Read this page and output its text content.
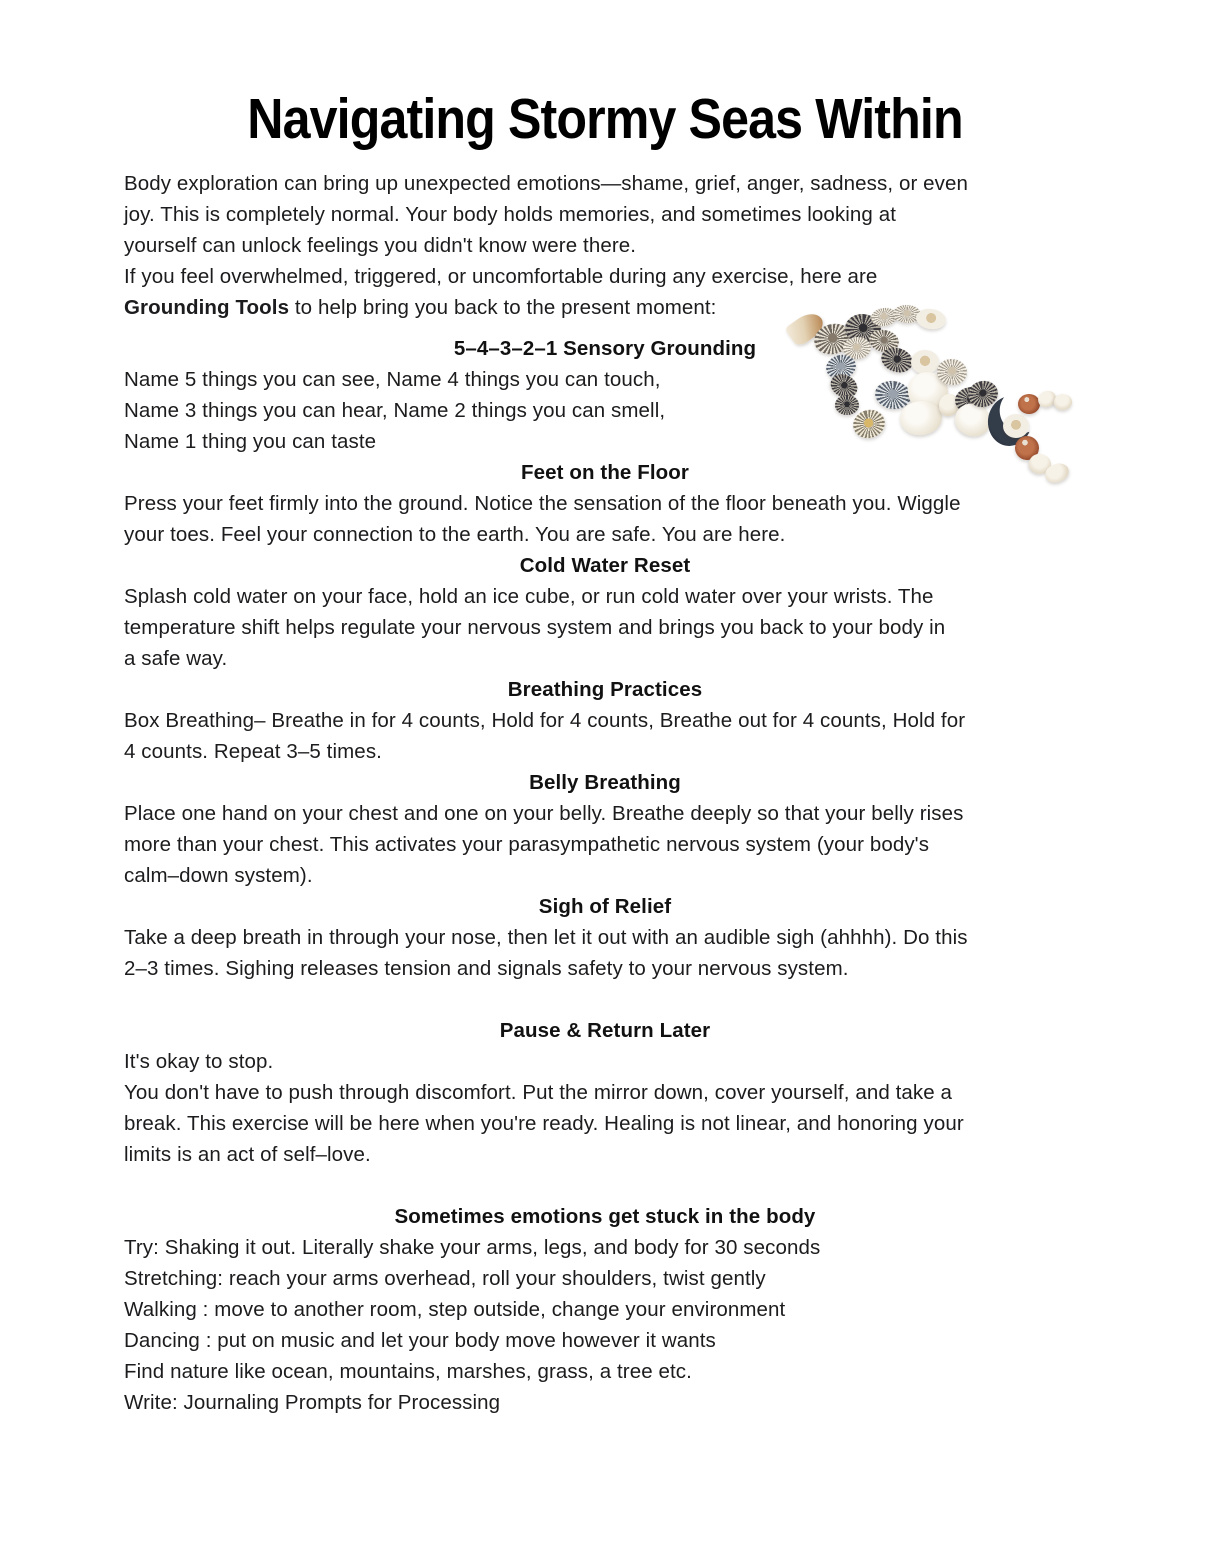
Navigating Stormy Seas Within
Body exploration can bring up unexpected emotions—shame, grief, anger, sadness, or even
joy. This is completely normal. Your body holds memories, and sometimes looking at
yourself can unlock feelings you didn't know were there.
If you feel overwhelmed, triggered, or uncomfortable during any exercise, here are
Grounding Tools to help bring you back to the present moment:
5–4–3–2–1 Sensory Grounding
Name 5 things you can see, Name 4 things you can touch,
Name 3 things you can hear, Name 2 things you can smell,
Name 1 thing you can taste
Feet on the Floor
Press your feet firmly into the ground. Notice the sensation of the floor beneath you. Wiggle
your toes. Feel your connection to the earth. You are safe. You are here.
Cold Water Reset
Splash cold water on your face, hold an ice cube, or run cold water over your wrists. The
temperature shift helps regulate your nervous system and brings you back to your body in
a safe way.
Breathing Practices
Box Breathing– Breathe in for 4 counts, Hold for 4 counts, Breathe out for 4 counts, Hold for
4 counts. Repeat 3–5 times.
Belly Breathing
Place one hand on your chest and one on your belly. Breathe deeply so that your belly rises
more than your chest. This activates your parasympathetic nervous system (your body's
calm–down system).
Sigh of Relief
Take a deep breath in through your nose, then let it out with an audible sigh (ahhhh). Do this
2–3 times. Sighing releases tension and signals safety to your nervous system.
Pause & Return Later
It's okay to stop.
You don't have to push through discomfort. Put the mirror down, cover yourself, and take a
break. This exercise will be here when you're ready. Healing is not linear, and honoring your
limits is an act of self–love.
Sometimes emotions get stuck in the body
Try: Shaking it out. Literally shake your arms, legs, and body for 30 seconds
Stretching: reach your arms overhead, roll your shoulders, twist gently
Walking : move to another room, step outside, change your environment
Dancing : put on music and let your body move however it wants
Find nature like ocean, mountains, marshes, grass, a tree etc.
Write: Journaling Prompts for Processing
